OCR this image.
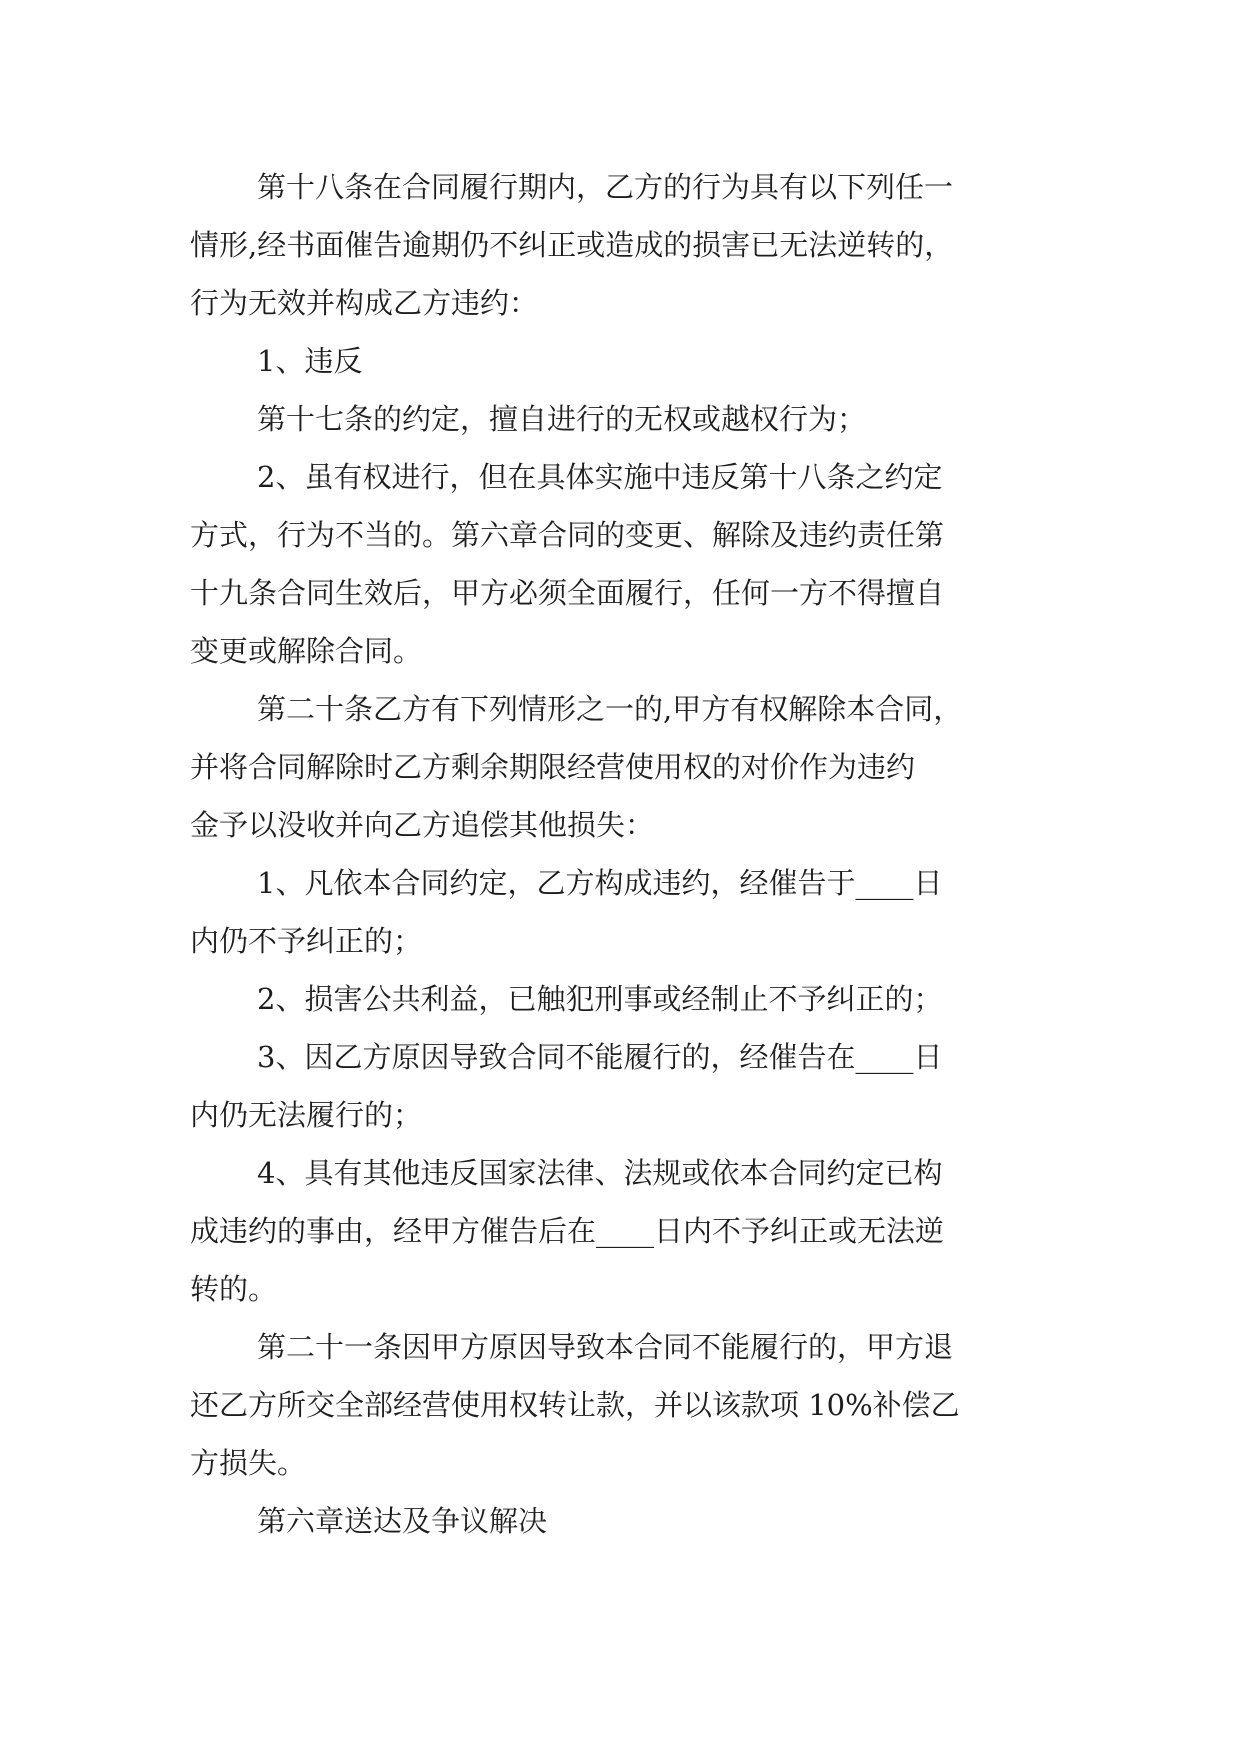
第十八条在合同履行期内，乙方的行为具有以下列任一
情形,经书面催告逾期仍不纠正或造成的损害已无法逆转的，
行为无效并构成乙方违约：
1、违反
第十七条的约定，擅自进行的无权或越权行为；
2、虽有权进行，但在具体实施中违反第十八条之约定
方式，行为不当的。第六章合同的变更、解除及违约责任第
十九条合同生效后，甲方必须全面履行，任何一方不得擅自
变更或解除合同。
第二十条乙方有下列情形之一的,甲方有权解除本合同，
并将合同解除时乙方剩余期限经营使用权的对价作为违约
金予以没收并向乙方追偿其他损失：
1、凡依本合同约定，乙方构成违约，经催告于____日
内仍不予纠正的；
2、损害公共利益，已触犯刑事或经制止不予纠正的；
3、因乙方原因导致合同不能履行的，经催告在____日
内仍无法履行的；
4、具有其他违反国家法律、法规或依本合同约定已构
成违约的事由，经甲方催告后在____日内不予纠正或无法逆
转的。
第二十一条因甲方原因导致本合同不能履行的，甲方退
还乙方所交全部经营使用权转让款，并以该款项 10%补偿乙
方损失。
第六章送达及争议解决
